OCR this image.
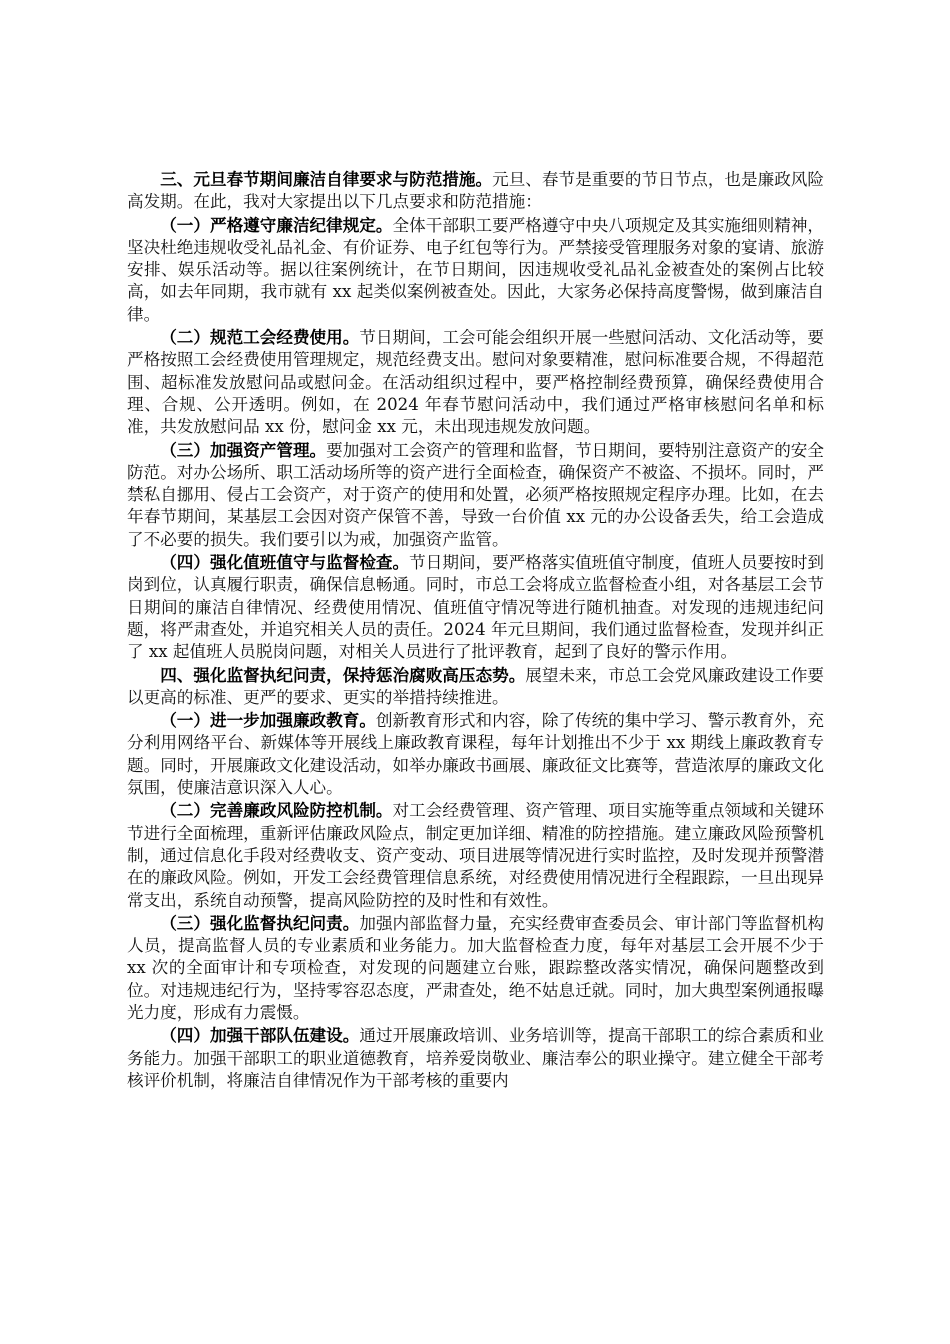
三、元旦春节期间廉洁自律要求与防范措施。元旦、春节是重要的节日节点，也是廉政风险高发期。在此，我对大家提出以下几点要求和防范措施：

（一）严格遵守廉洁纪律规定。全体干部职工要严格遵守中央八项规定及其实施细则精神，坚决杜绝违规收受礼品礼金、有价证券、电子红包等行为。严禁接受管理服务对象的宴请、旅游安排、娱乐活动等。据以往案例统计，在节日期间，因违规收受礼品礼金被查处的案例占比较高，如去年同期，我市就有 xx 起类似案例被查处。因此，大家务必保持高度警惕，做到廉洁自律。

（二）规范工会经费使用。节日期间，工会可能会组织开展一些慰问活动、文化活动等，要严格按照工会经费使用管理规定，规范经费支出。慰问对象要精准，慰问标准要合规，不得超范围、超标准发放慰问品或慰问金。在活动组织过程中，要严格控制经费预算，确保经费使用合理、合规、公开透明。例如，在 2024 年春节慰问活动中，我们通过严格审核慰问名单和标准，共发放慰问品 xx 份，慰问金 xx 元，未出现违规发放问题。

（三）加强资产管理。要加强对工会资产的管理和监督，节日期间，要特别注意资产的安全防范。对办公场所、职工活动场所等的资产进行全面检查，确保资产不被盗、不损坏。同时，严禁私自挪用、侵占工会资产，对于资产的使用和处置，必须严格按照规定程序办理。比如，在去年春节期间，某基层工会因对资产保管不善，导致一台价值 xx 元的办公设备丢失，给工会造成了不必要的损失。我们要引以为戒，加强资产监管。

（四）强化值班值守与监督检查。节日期间，要严格落实值班值守制度，值班人员要按时到岗到位，认真履行职责，确保信息畅通。同时，市总工会将成立监督检查小组，对各基层工会节日期间的廉洁自律情况、经费使用情况、值班值守情况等进行随机抽查。对发现的违规违纪问题，将严肃查处，并追究相关人员的责任。2024 年元旦期间，我们通过监督检查，发现并纠正了 xx 起值班人员脱岗问题，对相关人员进行了批评教育，起到了良好的警示作用。

四、强化监督执纪问责，保持惩治腐败高压态势。展望未来，市总工会党风廉政建设工作要以更高的标准、更严的要求、更实的举措持续推进。

（一）进一步加强廉政教育。创新教育形式和内容，除了传统的集中学习、警示教育外，充分利用网络平台、新媒体等开展线上廉政教育课程，每年计划推出不少于 xx 期线上廉政教育专题。同时，开展廉政文化建设活动，如举办廉政书画展、廉政征文比赛等，营造浓厚的廉政文化氛围，使廉洁意识深入人心。

（二）完善廉政风险防控机制。对工会经费管理、资产管理、项目实施等重点领域和关键环节进行全面梳理，重新评估廉政风险点，制定更加详细、精准的防控措施。建立廉政风险预警机制，通过信息化手段对经费收支、资产变动、项目进展等情况进行实时监控，及时发现并预警潜在的廉政风险。例如，开发工会经费管理信息系统，对经费使用情况进行全程跟踪，一旦出现异常支出，系统自动预警，提高风险防控的及时性和有效性。

（三）强化监督执纪问责。加强内部监督力量，充实经费审查委员会、审计部门等监督机构人员，提高监督人员的专业素质和业务能力。加大监督检查力度，每年对基层工会开展不少于 xx 次的全面审计和专项检查，对发现的问题建立台账，跟踪整改落实情况，确保问题整改到位。对违规违纪行为，坚持零容忍态度，严肃查处，绝不姑息迁就。同时，加大典型案例通报曝光力度，形成有力震慑。

（四）加强干部队伍建设。通过开展廉政培训、业务培训等，提高干部职工的综合素质和业务能力。加强干部职工的职业道德教育，培养爱岗敬业、廉洁奉公的职业操守。建立健全干部考核评价机制，将廉洁自律情况作为干部考核的重要内
